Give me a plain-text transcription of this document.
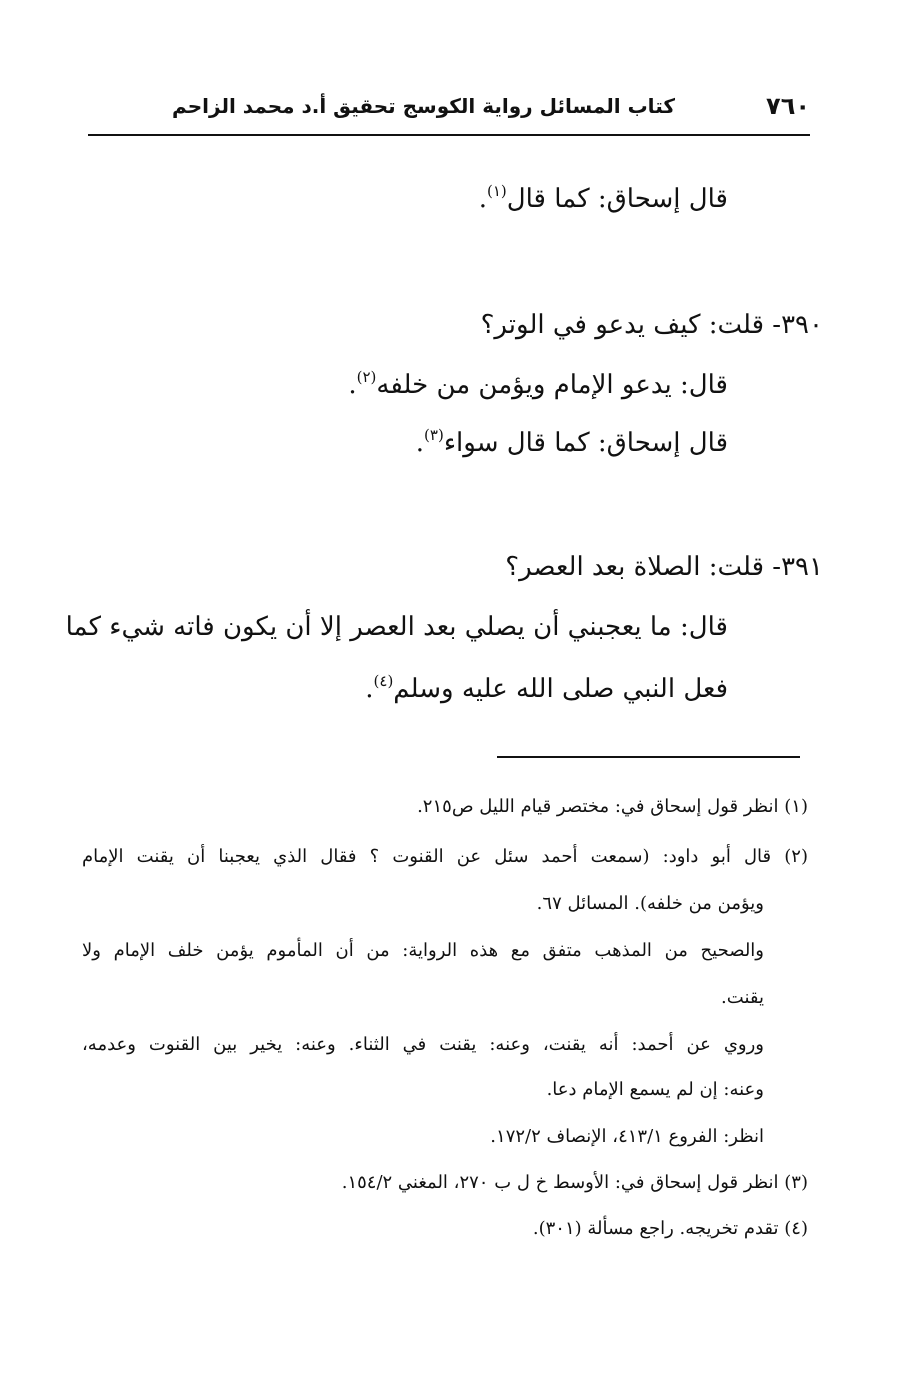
كتاب المسائل رواية الكوسج تحقيق أ.د محمد الزاحم	٧٦٠
قال إسحاق: كما قال$^{(١)}$.
٣٩٠- قلت: كيف يدعو في الوتر؟
قال: يدعو الإمام ويؤمن من خلفه$^{(٢)}$.
قال إسحاق: كما قال سواء$^{(٣)}$.
٣٩١- قلت: الصلاة بعد العصر؟
قال: ما يعجبني أن يصلي بعد العصر إلا أن يكون فاته شيء كما
فعل النبي صلى الله عليه وسلم$^{(٤)}$.
(١) انظر قول إسحاق في: مختصر قيام الليل ص٢١٥.
(٢) قال أبو داود: (سمعت أحمد سئل عن القنوت ؟ فقال الذي يعجبنا أن يقنت الإمام
ويؤمن من خلفه). المسائل ٦٧.
والصحيح من المذهب متفق مع هذه الرواية: من أن المأموم يؤمن خلف الإمام ولا
يقنت.
وروي عن أحمد: أنه يقنت، وعنه: يقنت في الثناء. وعنه: يخير بين القنوت وعدمه،
وعنه: إن لم يسمع الإمام دعا.
انظر: الفروع ٤١٣/١، الإنصاف ١٧٢/٢.
(٣) انظر قول إسحاق في: الأوسط خ ل ب ٢٧٠، المغني ١٥٤/٢.
(٤) تقدم تخريجه. راجع مسألة (٣٠١).
